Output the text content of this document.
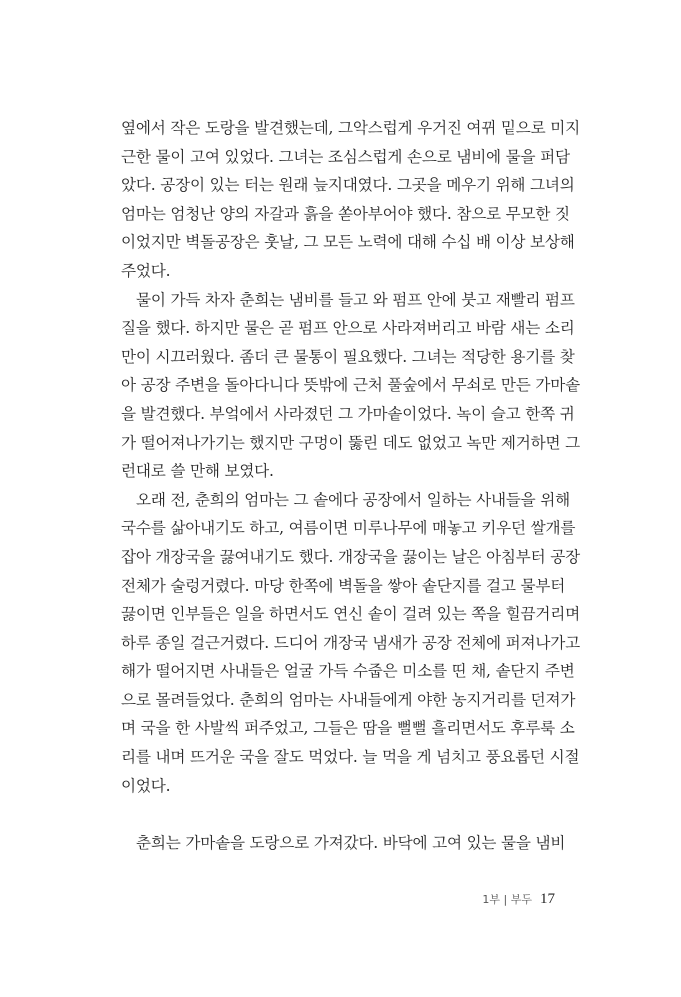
옆에서 작은 도랑을 발견했는데, 그악스럽게 우거진 여뀌 밑으로 미지
근한 물이 고여 있었다. 그녀는 조심스럽게 손으로 냄비에 물을 퍼담
았다. 공장이 있는 터는 원래 늪지대였다. 그곳을 메우기 위해 그녀의
엄마는 엄청난 양의 자갈과 흙을 쏟아부어야 했다. 참으로 무모한 짓
이었지만 벽돌공장은 훗날, 그 모든 노력에 대해 수십 배 이상 보상해
주었다.
물이 가득 차자 춘희는 냄비를 들고 와 펌프 안에 붓고 재빨리 펌프
질을 했다. 하지만 물은 곧 펌프 안으로 사라져버리고 바람 새는 소리
만이 시끄러웠다. 좀더 큰 물통이 필요했다. 그녀는 적당한 용기를 찾
아 공장 주변을 돌아다니다 뜻밖에 근처 풀숲에서 무쇠로 만든 가마솥
을 발견했다. 부엌에서 사라졌던 그 가마솥이었다. 녹이 슬고 한쪽 귀
가 떨어져나가기는 했지만 구멍이 뚫린 데도 없었고 녹만 제거하면 그
런대로 쓸 만해 보였다.
오래 전, 춘희의 엄마는 그 솥에다 공장에서 일하는 사내들을 위해
국수를 삶아내기도 하고, 여름이면 미루나무에 매놓고 키우던 쌀개를
잡아 개장국을 끓여내기도 했다. 개장국을 끓이는 날은 아침부터 공장
전체가 술렁거렸다. 마당 한쪽에 벽돌을 쌓아 솥단지를 걸고 물부터
끓이면 인부들은 일을 하면서도 연신 솥이 걸려 있는 쪽을 힐끔거리며
하루 종일 걸근거렸다. 드디어 개장국 냄새가 공장 전체에 퍼져나가고
해가 떨어지면 사내들은 얼굴 가득 수줍은 미소를 띤 채, 솥단지 주변
으로 몰려들었다. 춘희의 엄마는 사내들에게 야한 농지거리를 던져가
며 국을 한 사발씩 퍼주었고, 그들은 땀을 뻘뻘 흘리면서도 후루룩 소
리를 내며 뜨거운 국을 잘도 먹었다. 늘 먹을 게 넘치고 풍요롭던 시절
이었다.
춘희는 가마솥을 도랑으로 가져갔다. 바닥에 고여 있는 물을 냄비
1부 | 부두 17
